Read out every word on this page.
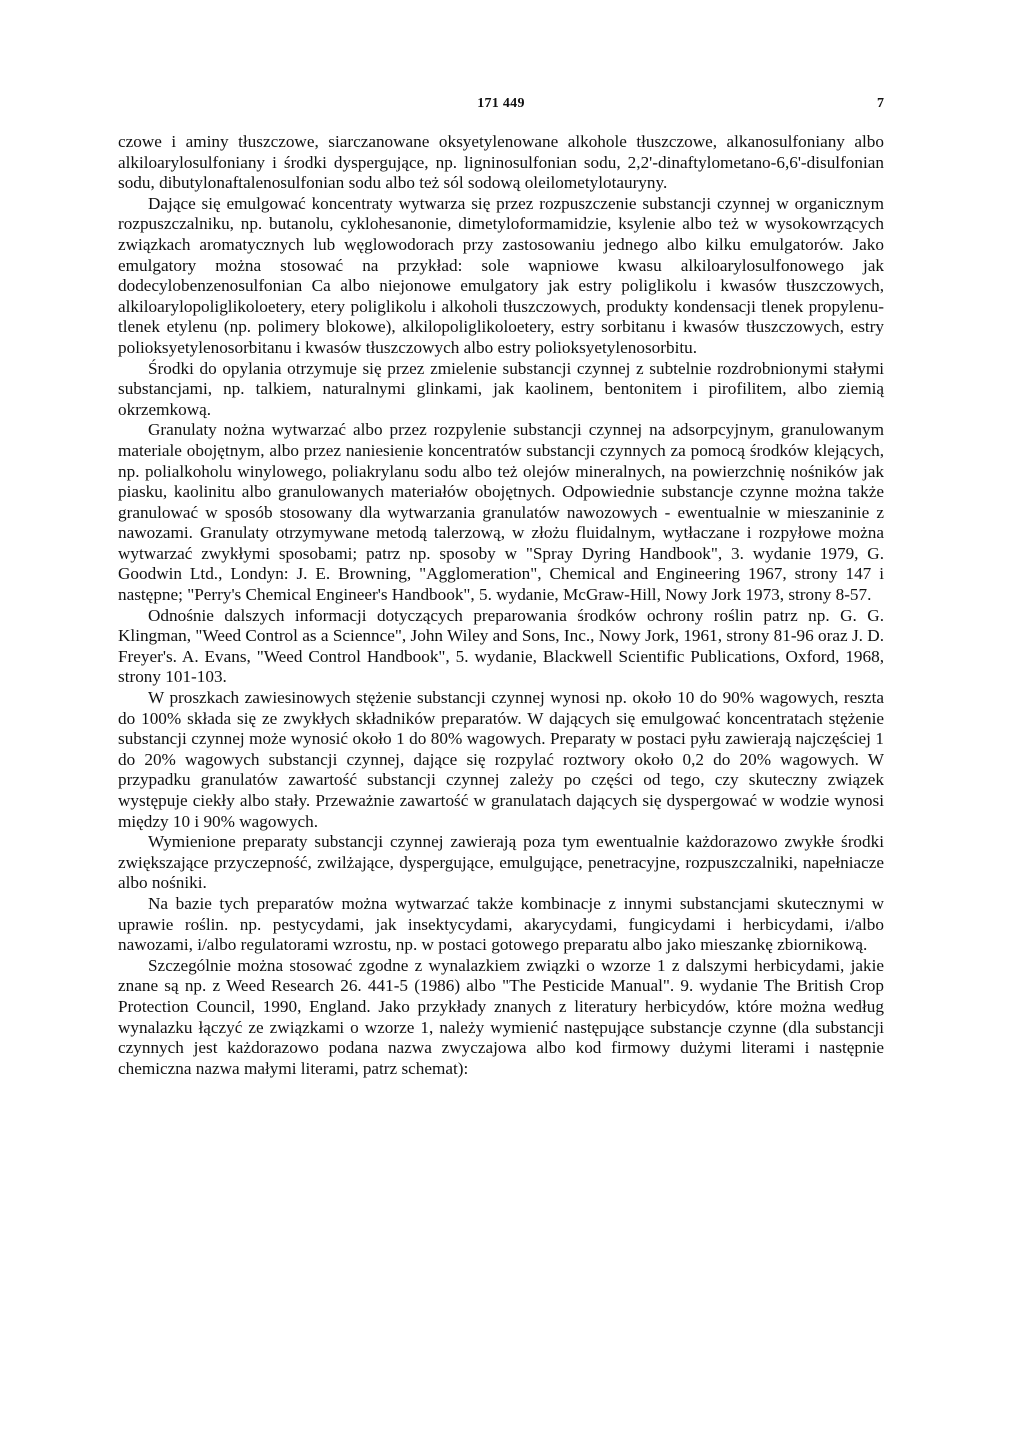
171 449	7

czowe i aminy tłuszczowe, siarczanowane oksyetylenowane alkohole tłuszczowe, alkanosulfoniany albo alkiloarylosulfoniany i środki dyspergujące, np. ligninosulfonian sodu, 2,2'-dinaftylometano-6,6'-disulfonian sodu, dibutylonaftalenosulfonian sodu albo też sól sodową oleilometylotauryny.

Dające się emulgować koncentraty wytwarza się przez rozpuszczenie substancji czynnej w organicznym rozpuszczalniku, np. butanolu, cyklohesanonie, dimetyloformamidzie, ksylenie albo też w wysokowrzących związkach aromatycznych lub węglowodorach przy zastosowaniu jednego albo kilku emulgatorów. Jako emulgatory można stosować na przykład: sole wapniowe kwasu alkiloarylosulfonowego jak dodecylobenzenosulfonian Ca albo niejonowe emulgatory jak estry poliglikolu i kwasów tłuszczowych, alkiloarylopoliglikoloetery, etery poliglikolu i alkoholi tłuszczowych, produkty kondensacji tlenek propylenu-tlenek etylenu (np. polimery blokowe), alkilopoliglikoloetery, estry sorbitanu i kwasów tłuszczowych, estry polioksyetylenosorbitanu i kwasów tłuszczowych albo estry polioksyetylenosorbitu.

Środki do opylania otrzymuje się przez zmielenie substancji czynnej z subtelnie rozdrobnionymi stałymi substancjami, np. talkiem, naturalnymi glinkami, jak kaolinem, bentonitem i pirofilitem, albo ziemią okrzemkową.

Granulaty nożna wytwarzać albo przez rozpylenie substancji czynnej na adsorpcyjnym, granulowanym materiale obojętnym, albo przez naniesienie koncentratów substancji czynnych za pomocą środków klejących, np. polialkoholu winylowego, poliakrylanu sodu albo też olejów mineralnych, na powierzchnię nośników jak piasku, kaolinitu albo granulowanych materiałów obojętnych. Odpowiednie substancje czynne można także granulować w sposób stosowany dla wytwarzania granulatów nawozowych - ewentualnie w mieszaninie z nawozami. Granulaty otrzymywane metodą talerzową, w złożu fluidalnym, wytłaczane i rozpyłowe można wytwarzać zwykłymi sposobami; patrz np. sposoby w "Spray Dyring Handbook", 3. wydanie 1979, G. Goodwin Ltd., Londyn: J. E. Browning, "Agglomeration", Chemical and Engineering 1967, strony 147 i następne; "Perry's Chemical Engineer's Handbook", 5. wydanie, McGraw-Hill, Nowy Jork 1973, strony 8-57.

Odnośnie dalszych informacji dotyczących preparowania środków ochrony roślin patrz np. G. G. Klingman, "Weed Control as a Sciennce", John Wiley and Sons, Inc., Nowy Jork, 1961, strony 81-96 oraz J. D. Freyer's. A. Evans, "Weed Control Handbook", 5. wydanie, Blackwell Scientific Publications, Oxford, 1968, strony 101-103.

W proszkach zawiesinowych stężenie substancji czynnej wynosi np. około 10 do 90% wagowych, reszta do 100% składa się ze zwykłych składników preparatów. W dających się emulgować koncentratach stężenie substancji czynnej może wynosić około 1 do 80% wagowych. Preparaty w postaci pyłu zawierają najczęściej 1 do 20% wagowych substancji czynnej, dające się rozpylać roztwory około 0,2 do 20% wagowych. W przypadku granulatów zawartość substancji czynnej zależy po części od tego, czy skuteczny związek występuje ciekły albo stały. Przeważnie zawartość w granulatach dających się dyspergować w wodzie wynosi między 10 i 90% wagowych.

Wymienione preparaty substancji czynnej zawierają poza tym ewentualnie każdorazowo zwykłe środki zwiększające przyczepność, zwilżające, dyspergujące, emulgujące, penetracyjne, rozpuszczalniki, napełniacze albo nośniki.

Na bazie tych preparatów można wytwarzać także kombinacje z innymi substancjami skutecznymi w uprawie roślin. np. pestycydami, jak insektycydami, akarycydami, fungicydami i herbicydami, i/albo nawozami, i/albo regulatorami wzrostu, np. w postaci gotowego preparatu albo jako mieszankę zbiornikową.

Szczególnie można stosować zgodne z wynalazkiem związki o wzorze 1 z dalszymi herbicydami, jakie znane są np. z Weed Research 26. 441-5 (1986) albo "The Pesticide Manual". 9. wydanie The British Crop Protection Council, 1990, England. Jako przykłady znanych z literatury herbicydów, które można według wynalazku łączyć ze związkami o wzorze 1, należy wymienić następujące substancje czynne (dla substancji czynnych jest każdorazowo podana nazwa zwyczajowa albo kod firmowy dużymi literami i następnie chemiczna nazwa małymi literami, patrz schemat):
